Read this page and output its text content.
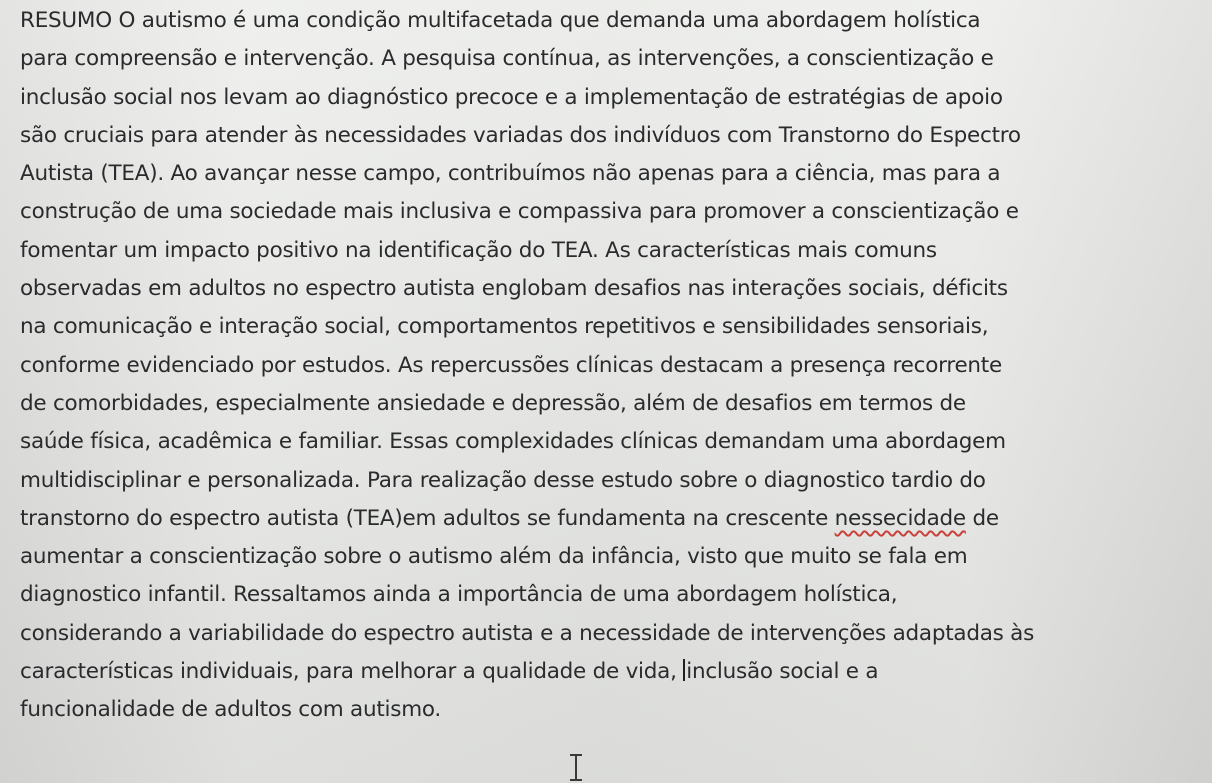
RESUMO O autismo é uma condição multifacetada que demanda uma abordagem holística
para compreensão e intervenção. A pesquisa contínua, as intervenções, a conscientização e
inclusão social nos levam ao diagnóstico precoce e a implementação de estratégias de apoio
são cruciais para atender às necessidades variadas dos indivíduos com Transtorno do Espectro
Autista (TEA). Ao avançar nesse campo, contribuímos não apenas para a ciência, mas para a
construção de uma sociedade mais inclusiva e compassiva para promover a conscientização e
fomentar um impacto positivo na identificação do TEA. As características mais comuns
observadas em adultos no espectro autista englobam desafios nas interações sociais, déficits
na comunicação e interação social, comportamentos repetitivos e sensibilidades sensoriais,
conforme evidenciado por estudos. As repercussões clínicas destacam a presença recorrente
de comorbidades, especialmente ansiedade e depressão, além de desafios em termos de
saúde física, acadêmica e familiar. Essas complexidades clínicas demandam uma abordagem
multidisciplinar e personalizada. Para realização desse estudo sobre o diagnostico tardio do
transtorno do espectro autista (TEA)em adultos se fundamenta na crescente nessecidade de
aumentar a conscientização sobre o autismo além da infância, visto que muito se fala em
diagnostico infantil. Ressaltamos ainda a importância de uma abordagem holística,
considerando a variabilidade do espectro autista e a necessidade de intervenções adaptadas às
características individuais, para melhorar a qualidade de vida, inclusão social e a
funcionalidade de adultos com autismo.
